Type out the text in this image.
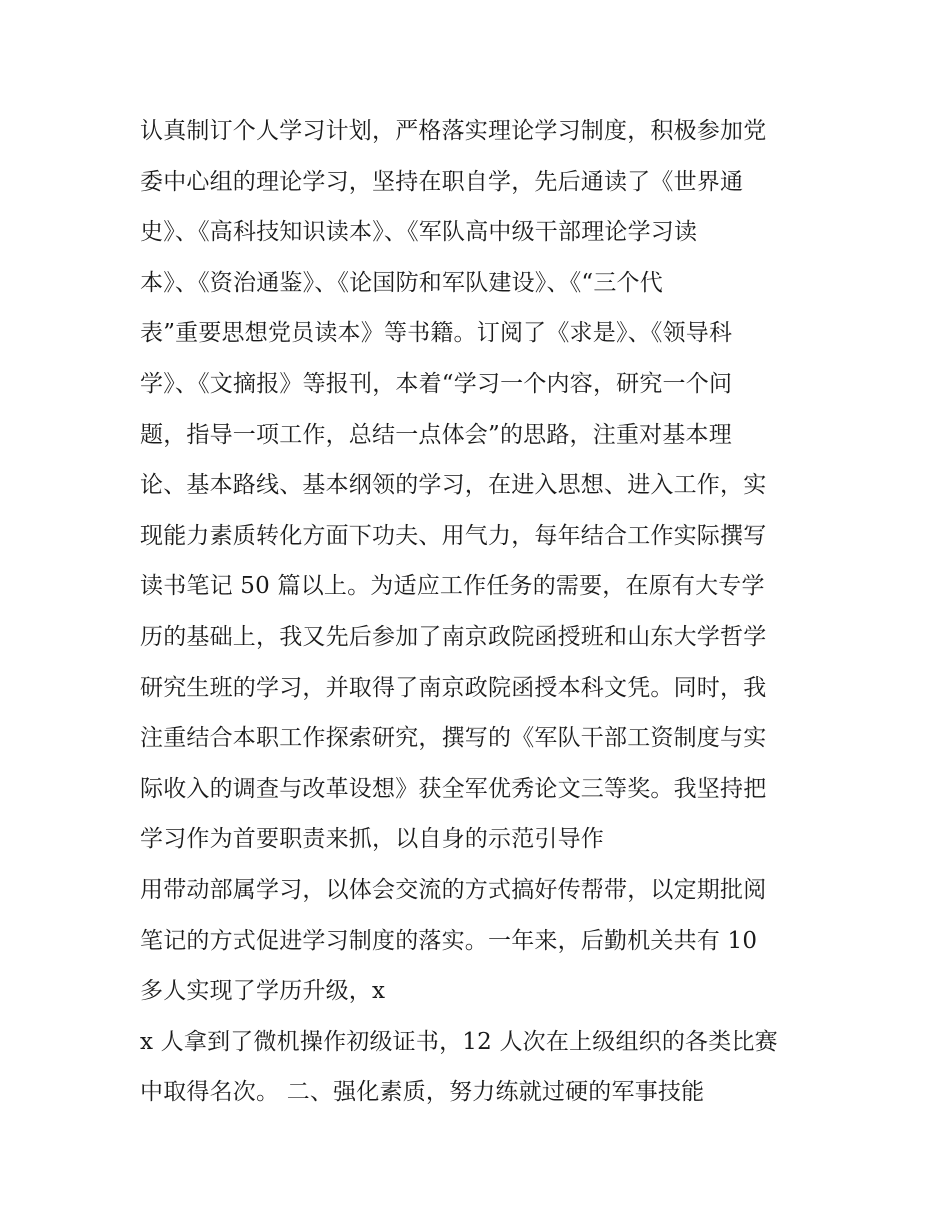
认真制订个人学习计划，严格落实理论学习制度，积极参加党
委中心组的理论学习，坚持在职自学，先后通读了《世界通
史》、《高科技知识读本》、《军队高中级干部理论学习读
本》、《资治通鉴》、《论国防和军队建设》、《“三个代
表”重要思想党员读本》等书籍。订阅了《求是》、《领导科
学》、《文摘报》等报刊，本着“学习一个内容，研究一个问
题，指导一项工作，总结一点体会”的思路，注重对基本理
论、基本路线、基本纲领的学习，在进入思想、进入工作，实
现能力素质转化方面下功夫、用气力，每年结合工作实际撰写
读书笔记 50 篇以上。为适应工作任务的需要，在原有大专学
历的基础上，我又先后参加了南京政院函授班和山东大学哲学
研究生班的学习，并取得了南京政院函授本科文凭。同时，我
注重结合本职工作探索研究，撰写的《军队干部工资制度与实
际收入的调查与改革设想》获全军优秀论文三等奖。我坚持把
学习作为首要职责来抓，以自身的示范引导作
用带动部属学习，以体会交流的方式搞好传帮带，以定期批阅
笔记的方式促进学习制度的落实。一年来，后勤机关共有 10
多人实现了学历升级，x
x 人拿到了微机操作初级证书，12 人次在上级组织的各类比赛
中取得名次。 二、强化素质，努力练就过硬的军事技能
